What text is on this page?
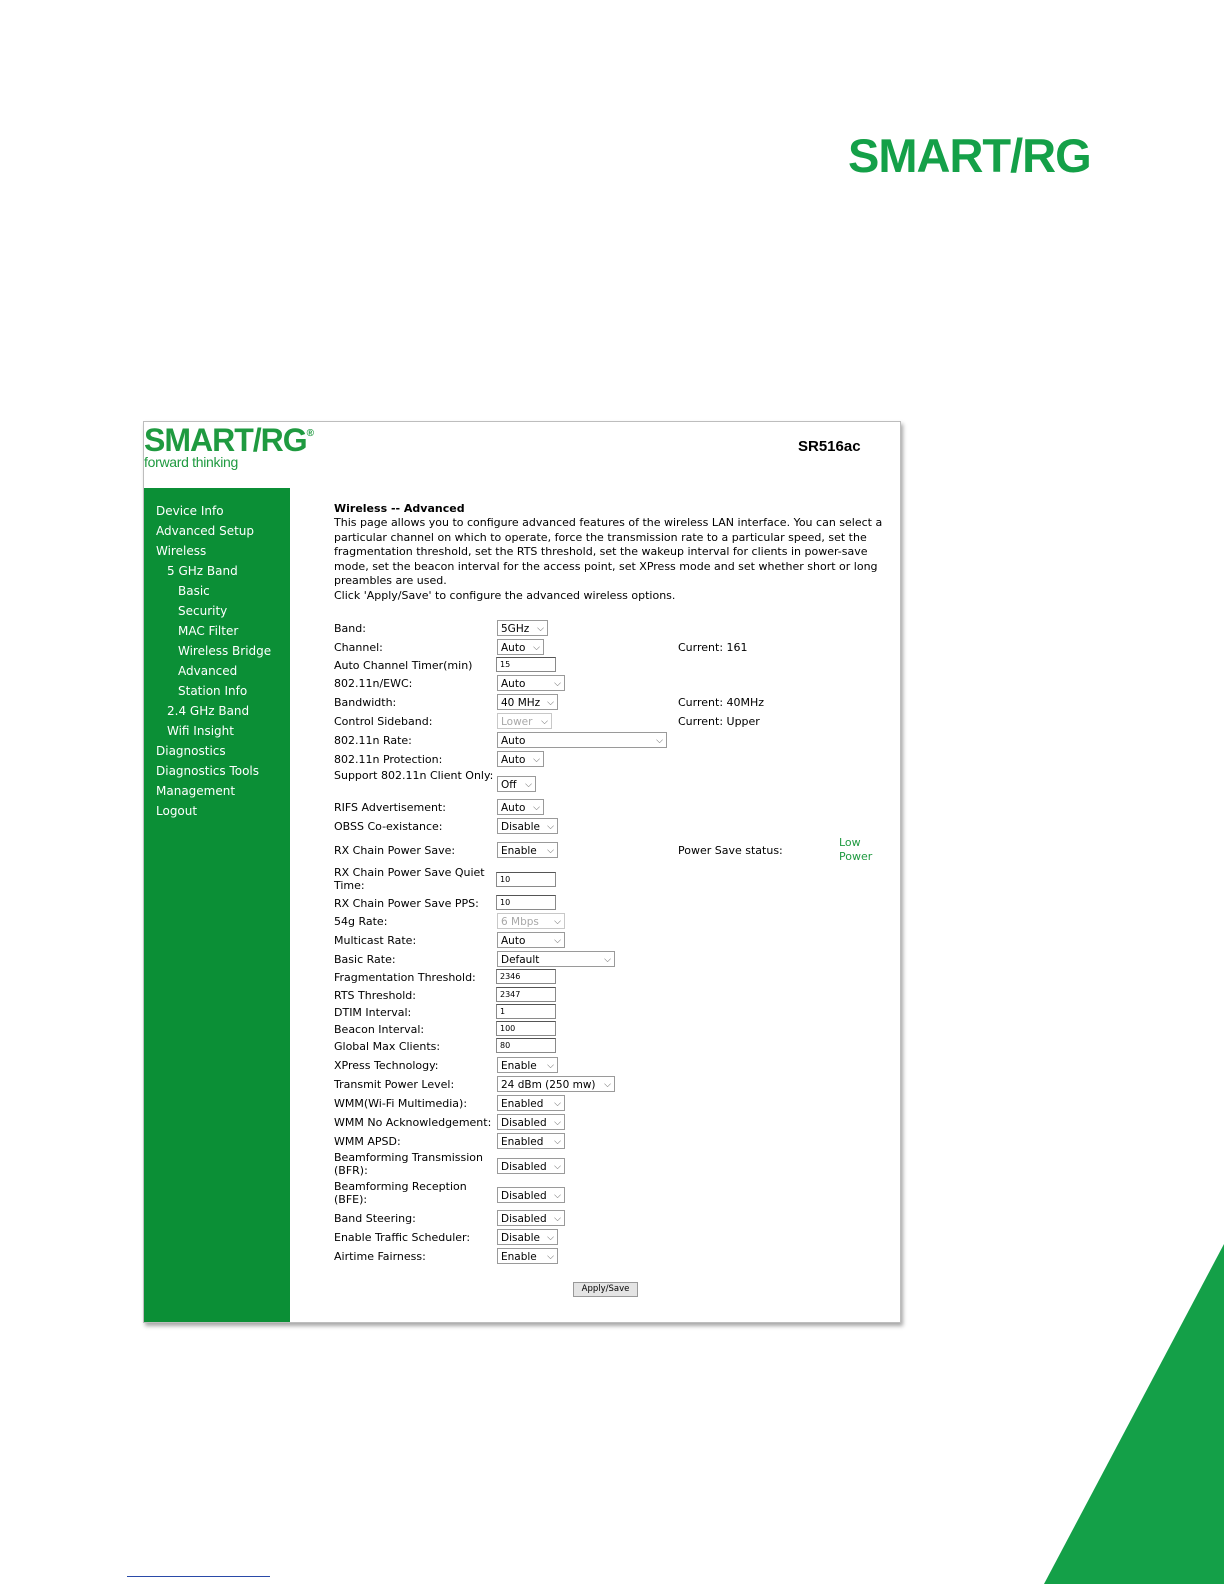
SMART/RG
SMART/RG®
forward thinking
SR516ac
Device Info
Advanced Setup
Wireless
5 GHz Band
Basic
Security
MAC Filter
Wireless Bridge
Advanced
Station Info
2.4 GHz Band
Wifi Insight
Diagnostics
Diagnostics Tools
Management
Logout
Wireless -- Advanced
This page allows you to configure advanced features of the wireless LAN interface. You can select a particular channel on which to operate, force the transmission rate to a particular speed, set the fragmentation threshold, set the RTS threshold, set the wakeup interval for clients in power-save mode, set the beacon interval for the access point, set XPress mode and set whether short or long preambles are used.
Click 'Apply/Save' to configure the advanced wireless options.
Band:	5GHz ⌵
Channel:	Auto ⌵	Current: 161
Auto Channel Timer(min)	15
802.11n/EWC:	Auto	⌵
Bandwidth:	40 MHz ⌵	Current: 40MHz
Control Sideband:	Lower ⌵	Current: Upper
802.11n Rate:	Auto	⌵
802.11n Protection:	Auto ⌵
Support 802.11n Client Only:
Off ⌵
RIFS Advertisement:	Auto ⌵
OBSS Co-existance:	Disable ⌵
RX Chain Power Save:	Enable ⌵	Power Save status:
Low Power
RX Chain Power Save Quiet Time:	10
RX Chain Power Save PPS:	10
54g Rate:	6 Mbps ⌵
Multicast Rate:	Auto	⌵
Basic Rate:	Default	⌵
Fragmentation Threshold:	2346
RTS Threshold:	2347
DTIM Interval:	1
Beacon Interval:	100
Global Max Clients:	80
XPress Technology:	Enable ⌵
Transmit Power Level:	24 dBm (250 mw) ⌵
WMM(Wi-Fi Multimedia):	Enabled ⌵
WMM No Acknowledgement: Disabled ⌵
WMM APSD:	Enabled ⌵
Beamforming Transmission (BFR):	Disabled ⌵
Beamforming Reception (BFE):	Disabled ⌵
Band Steering:	Disabled ⌵
Enable Traffic Scheduler:	Disable ⌵
Airtime Fairness:	Enable ⌵
Apply/Save
